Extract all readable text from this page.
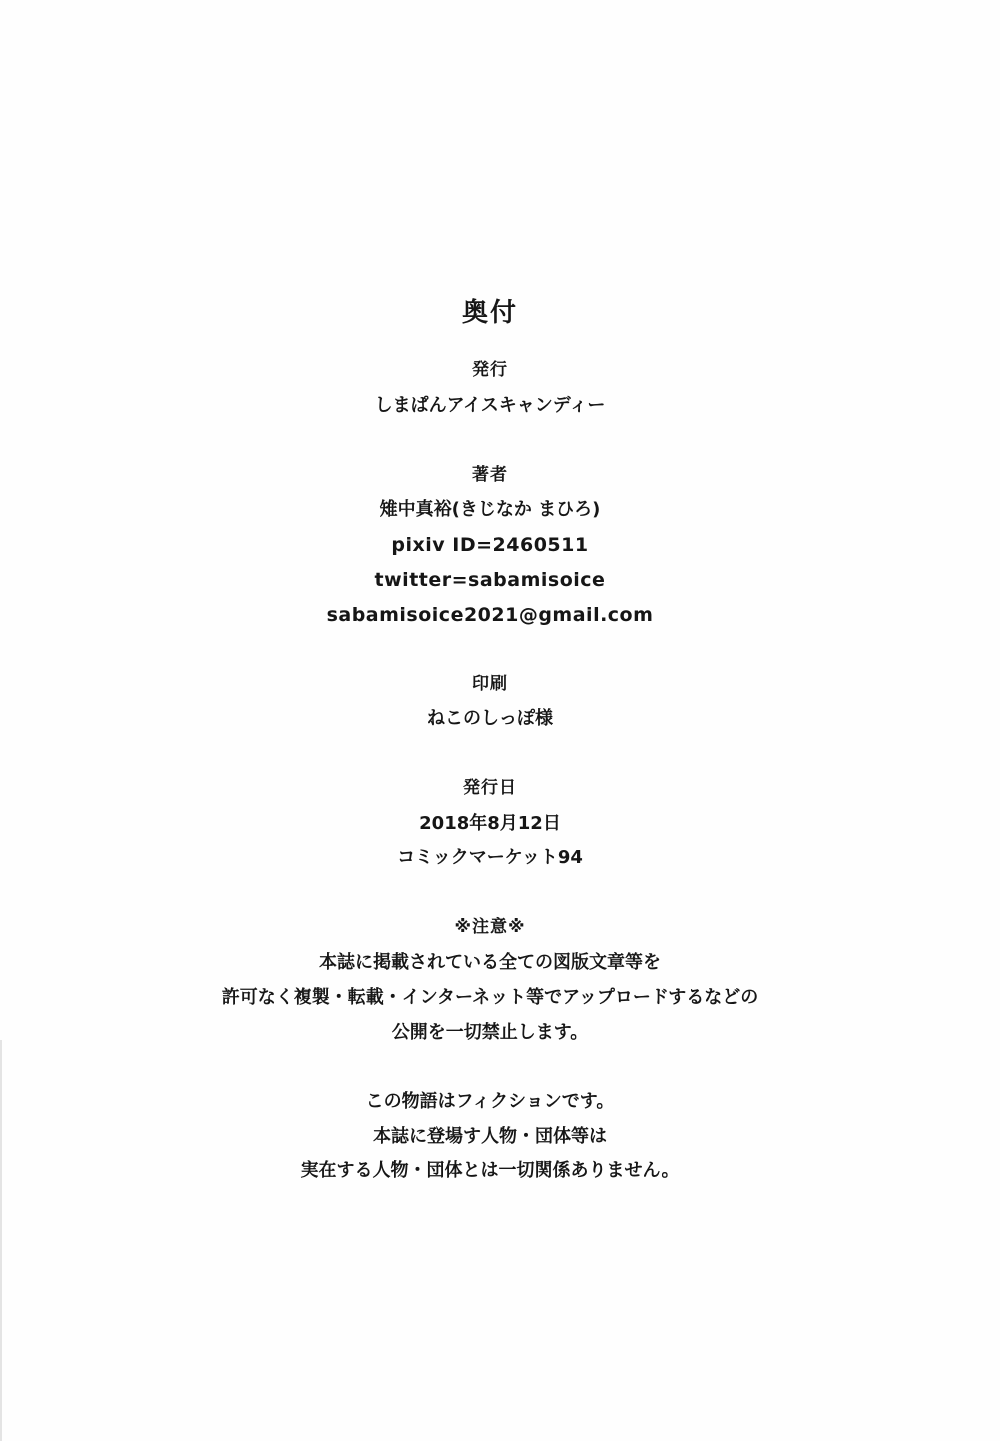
奥付
発行
しまぱんアイスキャンディー
著者
雉中真裕(きじなか まひろ)
pixiv ID=2460511
twitter=sabamisoice
sabamisoice2021@gmail.com
印刷
ねこのしっぽ様
発行日
2018年8月12日
コミックマーケット94
※注意※
本誌に掲載されている全ての図版文章等を
許可なく複製・転載・インターネット等でアップロードするなどの
公開を一切禁止します。
この物語はフィクションです。
本誌に登場す人物・団体等は
実在する人物・団体とは一切関係ありません。
